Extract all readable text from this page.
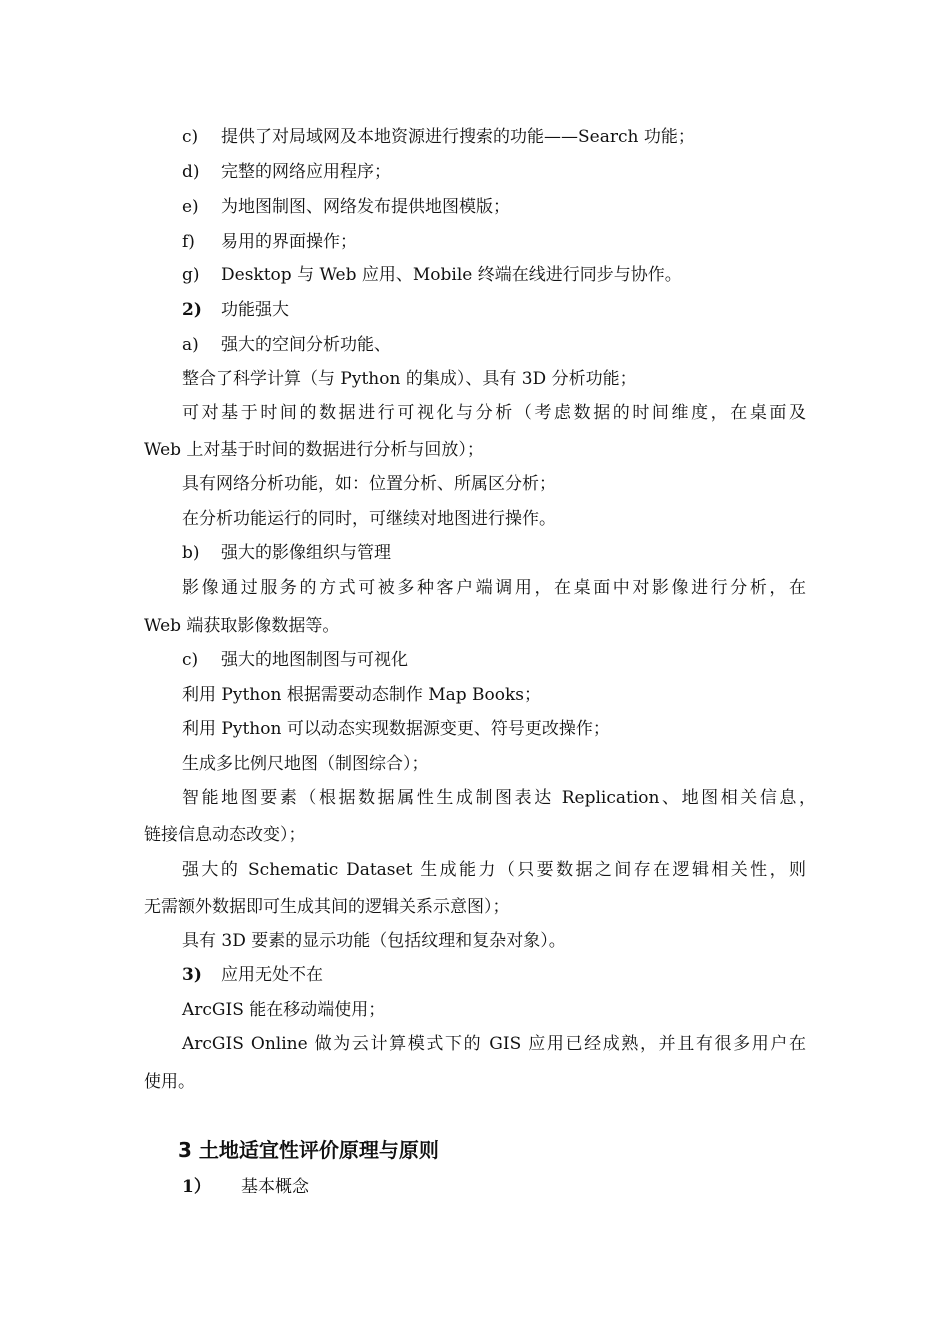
c) 提供了对局域网及本地资源进行搜索的功能——Search 功能；
d) 完整的网络应用程序；
e) 为地图制图、网络发布提供地图模版；
f) 易用的界面操作；
g) Desktop 与 Web 应用、Mobile 终端在线进行同步与协作。
2) 功能强大
a) 强大的空间分析功能、
整合了科学计算（与 Python 的集成）、具有 3D 分析功能；
可对基于时间的数据进行可视化与分析（考虑数据的时间维度，在桌面及
Web 上对基于时间的数据进行分析与回放）；
具有网络分析功能，如：位置分析、所属区分析；
在分析功能运行的同时，可继续对地图进行操作。
b) 强大的影像组织与管理
影像通过服务的方式可被多种客户端调用，在桌面中对影像进行分析，在
Web 端获取影像数据等。
c) 强大的地图制图与可视化
利用 Python 根据需要动态制作 Map Books；
利用 Python 可以动态实现数据源变更、符号更改操作；
生成多比例尺地图（制图综合）；
智能地图要素（根据数据属性生成制图表达 Replication、地图相关信息，
链接信息动态改变）；
强大的 Schematic Dataset 生成能力（只要数据之间存在逻辑相关性，则
无需额外数据即可生成其间的逻辑关系示意图）；
具有 3D 要素的显示功能（包括纹理和复杂对象）。
3) 应用无处不在
ArcGIS 能在移动端使用；
ArcGIS Online 做为云计算模式下的 GIS 应用已经成熟，并且有很多用户在
使用。
3 土地适宜性评价原理与原则
1） 基本概念
